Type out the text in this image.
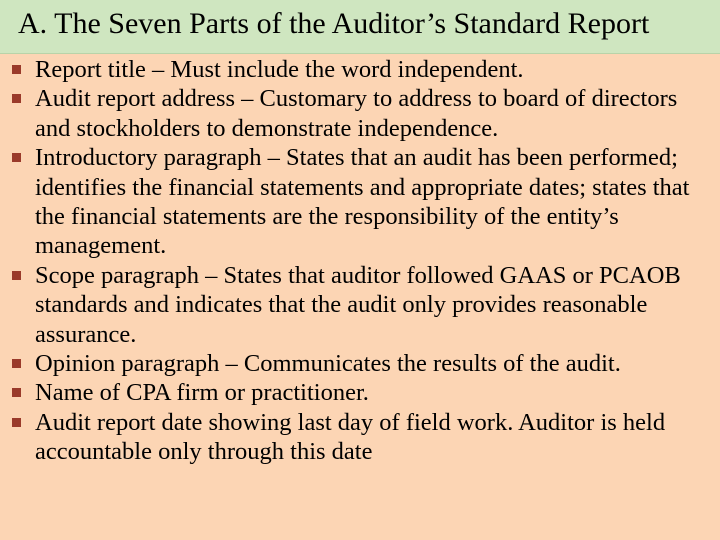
A. The Seven Parts of the Auditor’s Standard Report
Report title – Must include the word independent.
Audit report address – Customary to address to board of directors and stockholders to demonstrate independence.
Introductory paragraph – States that an audit has been performed; identifies the financial statements and appropriate dates; states that the financial statements are the responsibility of the entity’s management.
Scope paragraph – States that auditor followed GAAS or PCAOB standards and indicates that the audit only provides reasonable assurance.
Opinion paragraph – Communicates the results of the audit.
Name of CPA firm or practitioner.
Audit report date showing last day of field work. Auditor is held accountable only through this date
